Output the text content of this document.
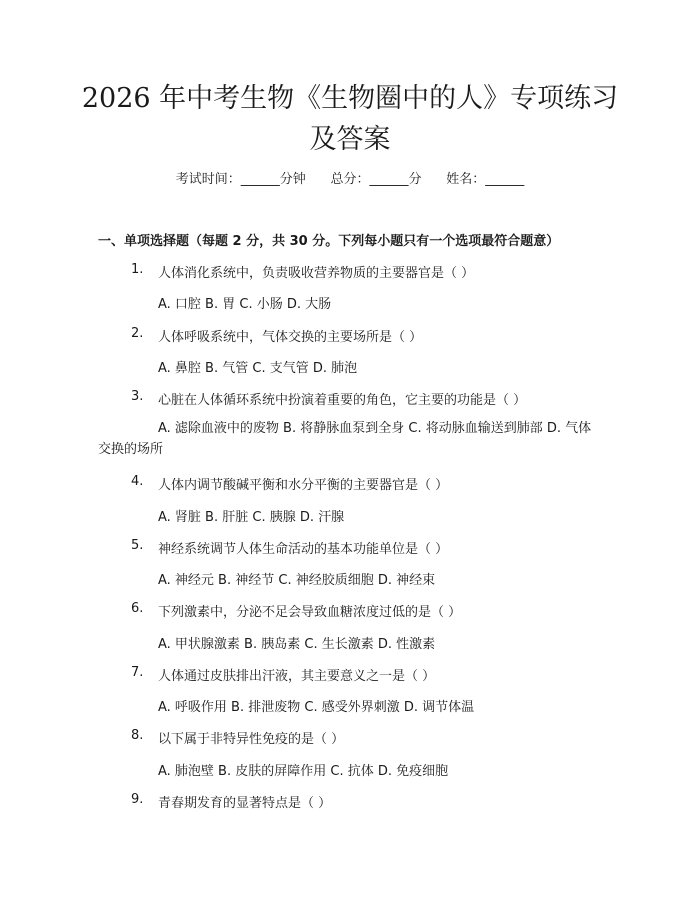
2026 年中考生物《生物圈中的人》专项练习
及答案
考试时间：______分钟      总分：______分      姓名：______
一、单项选择题（每题 2 分，共 30 分。下列每小题只有一个选项最符合题意）
1. 人体消化系统中，负责吸收营养物质的主要器官是（ ）
A. 口腔 B. 胃 C. 小肠 D. 大肠
2. 人体呼吸系统中，气体交换的主要场所是（ ）
A. 鼻腔 B. 气管 C. 支气管 D. 肺泡
3. 心脏在人体循环系统中扮演着重要的角色，它主要的功能是（ ）
A. 滤除血液中的废物 B. 将静脉血泵到全身 C. 将动脉血输送到肺部 D. 气体交换的场所
4. 人体内调节酸碱平衡和水分平衡的主要器官是（ ）
A. 肾脏 B. 肝脏 C. 胰腺 D. 汗腺
5. 神经系统调节人体生命活动的基本功能单位是（ ）
A. 神经元 B. 神经节 C. 神经胶质细胞 D. 神经束
6. 下列激素中，分泌不足会导致血糖浓度过低的是（ ）
A. 甲状腺激素 B. 胰岛素 C. 生长激素 D. 性激素
7. 人体通过皮肤排出汗液，其主要意义之一是（ ）
A. 呼吸作用 B. 排泄废物 C. 感受外界刺激 D. 调节体温
8. 以下属于非特异性免疫的是（ ）
A. 肺泡壁 B. 皮肤的屏障作用 C. 抗体 D. 免疫细胞
9. 青春期发育的显著特点是（ ）
